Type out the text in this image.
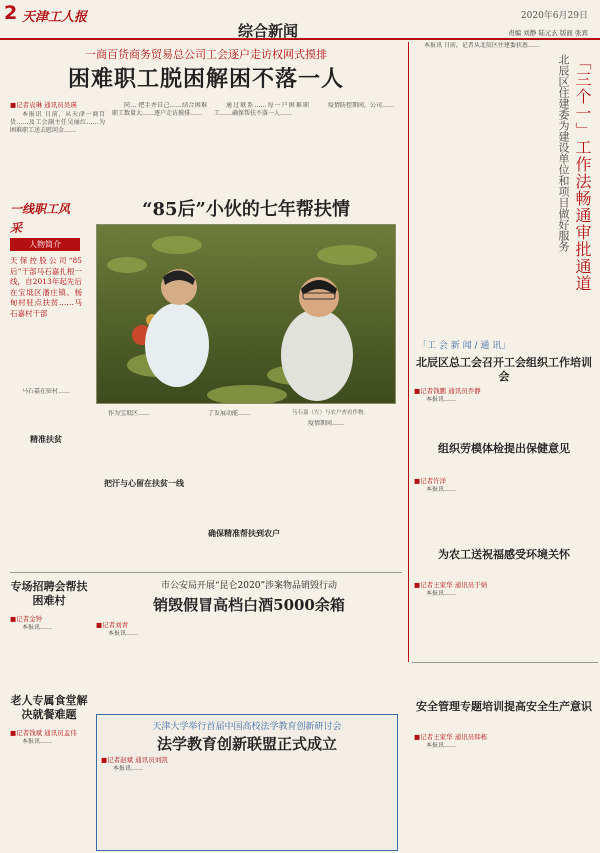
2 天津工人报	2020年6月29日
综合新闻	责编 刘静 陆元玄 版面 张宾
一商百货商务贸易总公司工会逐户走访权网式摸排
困难职工脱困解困不落一人
■记者袁琳 通讯员吴瑛

本报讯 日前，从天津一商百货……及工会副主任吴丽红……为困难职工送去慰问金……

同… 把手并自己……结合困难职工数量大……逐户走访摸排……

通过联系……每一户困难职工……确保帮扶不落一人……

疫情防控期间，公司……	「三个一」工作法畅通审批通道
北辰区住建委为建设单位和项目做好服务

本报讯 日前，记者从北辰区住建委获悉……

一线职工风采
人物简介
天保控股公司“85后”干部马石嘉扎根一线，自2013年起先后在宝坻区潘庄镇、杨甸村驻点扶贫……马石嘉村干部
“85后”小伙的七年帮扶情
马石嘉（左）与农户查看作物。

马石嘉在驻村……

精准扶贫

作为宝坻区……

把汗与心留在扶贫一线

了发展动能……

确保精准帮扶到农户

疫情期间……

「工 会 新 闻 / 通 讯」
北辰区总工会召开工会组织工作培训会
■记者钱鹏 通讯员乔静

本报讯……

组织劳模体检提出保健意见
■记者许洋

本报讯……

为农工送祝福感受环境关怀
■记者王家华 通讯员于婧

本报讯……

安全管理专题培训提高安全生产意识
■记者王家华 通讯员韩栋

本报讯……

专场招聘会帮扶困难村
■记者金钟

本报讯……

老人专属食堂解决就餐难题
■记者钱斌 通讯员孟伟

本报讯……

市公安局开展“昆仑2020”涉案物品销毁行动
销毁假冒高档白酒5000余箱
■记者刘青

本报讯……

天津大学举行首届中国高校法学教育创新研讨会
法学教育创新联盟正式成立
■记者赵斌 通讯员刘凯

本报讯……
